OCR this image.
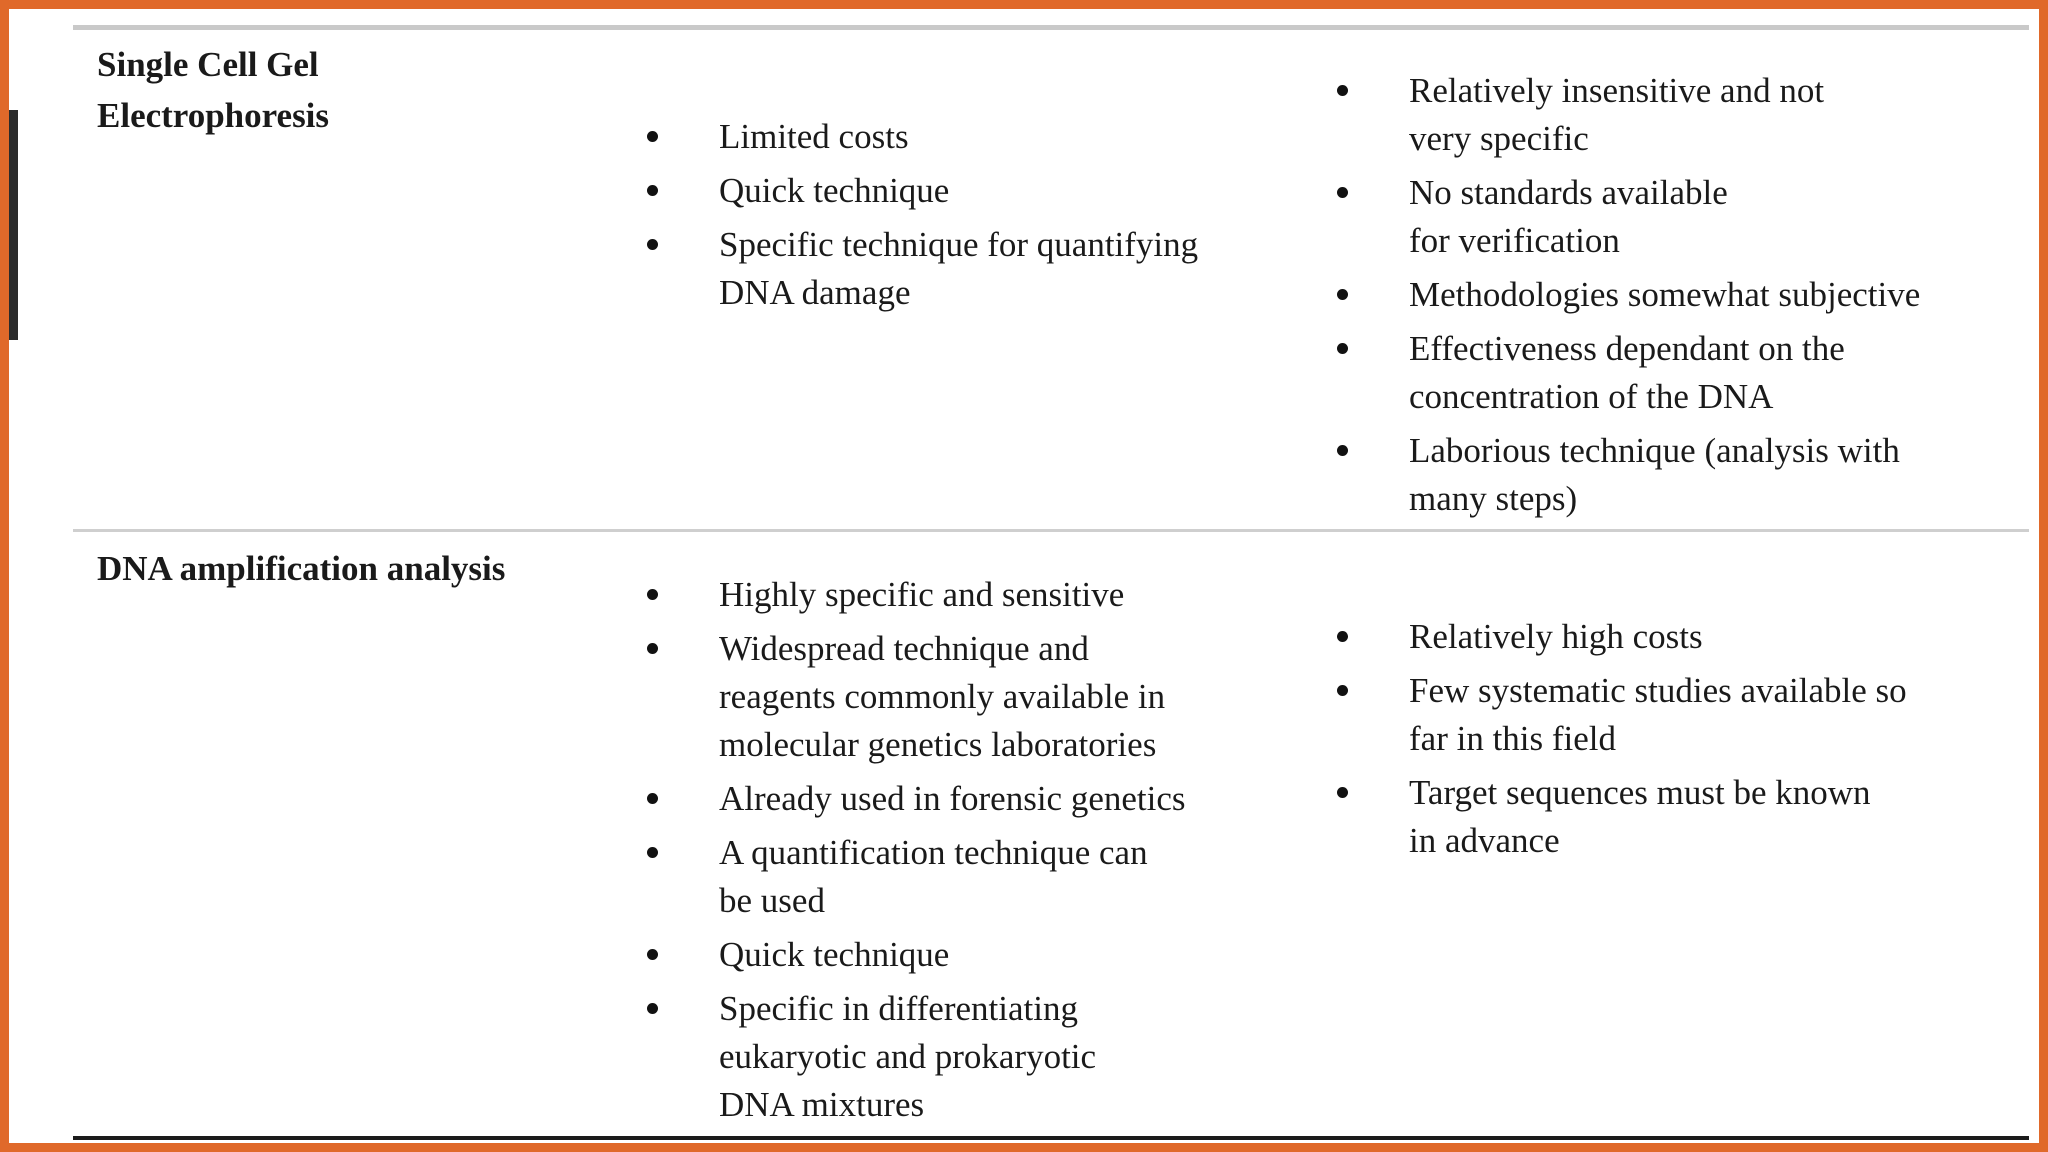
Single Cell Gel
Electrophoresis
Limited costs
Quick technique
Specific technique for quantifying
DNA damage
Relatively insensitive and not
very specific
No standards available
for verification
Methodologies somewhat subjective
Effectiveness dependant on the
concentration of the DNA
Laborious technique (analysis with
many steps)
DNA amplification analysis
Highly specific and sensitive
Widespread technique and
reagents commonly available in
molecular genetics laboratories
Already used in forensic genetics
A quantification technique can
be used
Quick technique
Specific in differentiating
eukaryotic and prokaryotic
DNA mixtures
Relatively high costs
Few systematic studies available so
far in this field
Target sequences must be known
in advance
